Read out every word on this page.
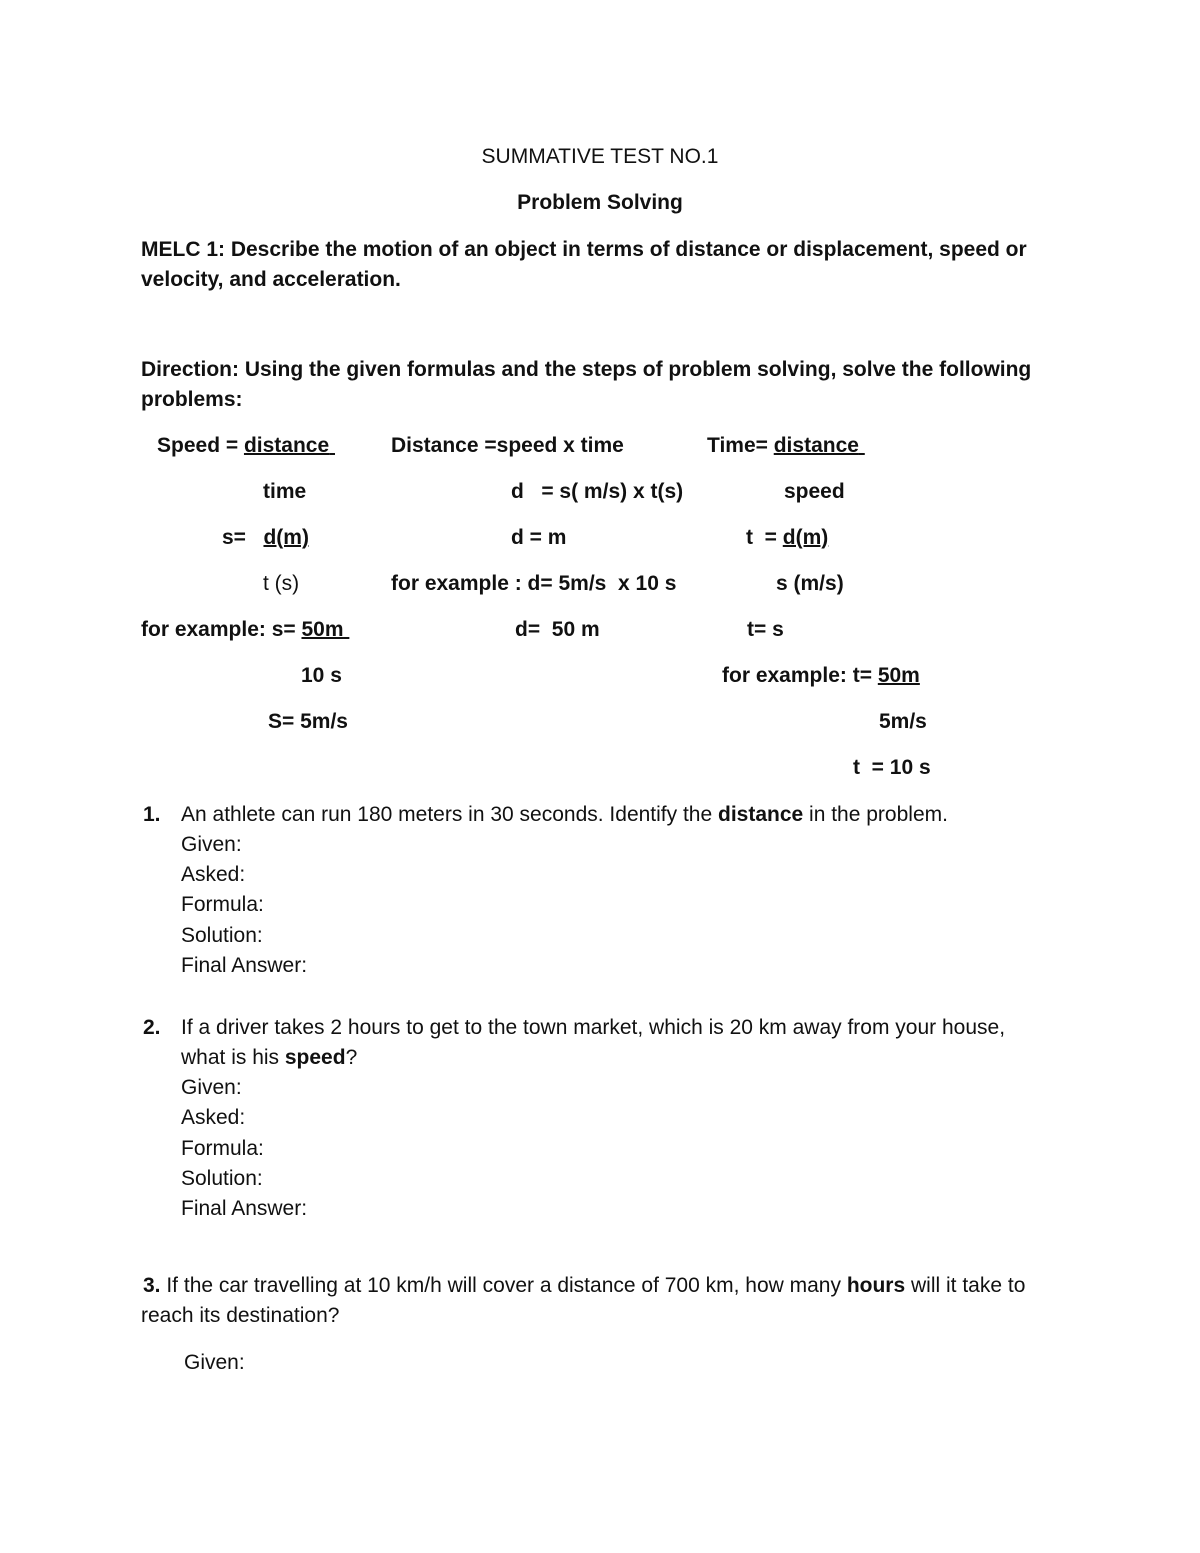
SUMMATIVE TEST NO.1
Problem Solving
MELC 1: Describe the motion of an object in terms of distance or displacement, speed or
velocity, and acceleration.
Direction: Using the given formulas and the steps of problem solving, solve the following
problems:
Speed = distance
time
s= d(m)
t (s)
for example: s= 50m
10 s
S= 5m/s
Distance =speed x time
d   = s( m/s) x t(s)
d = m
for example : d= 5m/s  x 10 s
d=  50 m
Time= distance
speed
t  = d(m)
s (m/s)
t= s
for example: t= 50m
5m/s
t  = 10 s
1. An athlete can run 180 meters in 30 seconds. Identify the distance in the problem.
Given:
Asked:
Formula:
Solution:
Final Answer:
2. If a driver takes 2 hours to get to the town market, which is 20 km away from your house,
what is his speed?
Given:
Asked:
Formula:
Solution:
Final Answer:
3. If the car travelling at 10 km/h will cover a distance of 700 km, how many hours will it take to
reach its destination?
Given:
